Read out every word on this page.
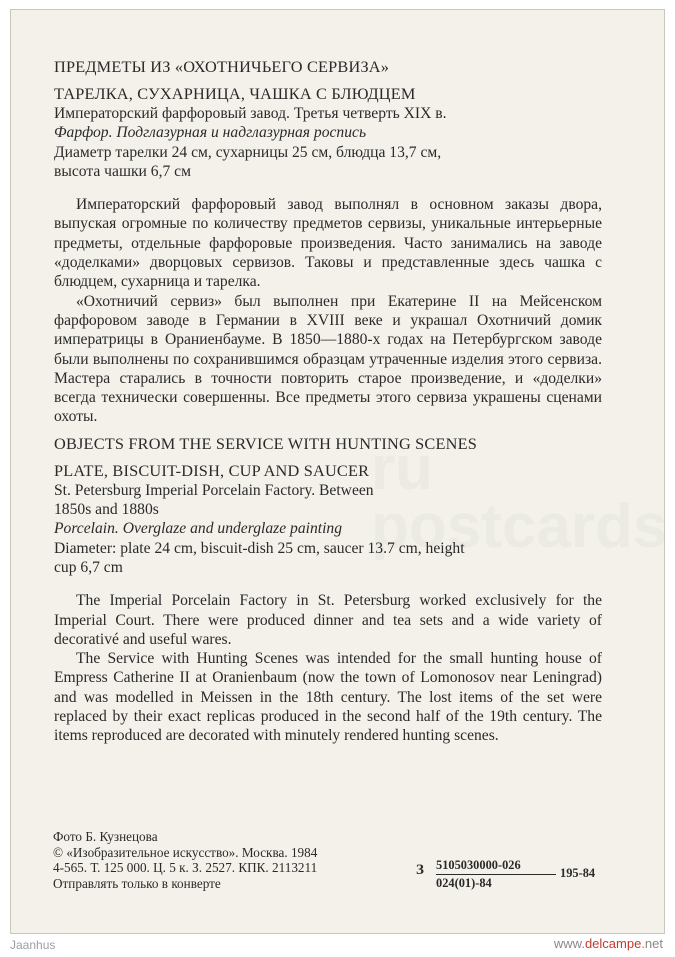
ru
postcards
ПРЕДМЕТЫ ИЗ «ОХОТНИЧЬЕГО СЕРВИЗА»
ТАРЕЛКА, СУХАРНИЦА, ЧАШКА С БЛЮДЦЕМ
Императорский фарфоровый завод. Третья четверть XIX в.
Фарфор. Подглазурная и надглазурная роспись
Диаметр тарелки 24 см, сухарницы 25 см, блюдца 13,7 см,
высота чашки 6,7 см
Императорский фарфоровый завод выполнял в основном заказы двора, выпуская огромные по количеству предметов сервизы, уникальные интерьерные предметы, отдельные фарфоровые произведения. Часто занимались на заводе «доделками» дворцовых сервизов. Таковы и представленные здесь чашка с блюдцем, сухарница и тарелка.
«Охотничий сервиз» был выполнен при Екатерине II на Мейсенском фарфоровом заводе в Германии в XVIII веке и украшал Охотничий домик императрицы в Ораниенбауме. В 1850—1880-х годах на Петербургском заводе были выполнены по сохранившимся образцам утраченные изделия этого сервиза. Мастера старались в точности повторить старое произведение, и «доделки» всегда технически совершенны. Все предметы этого сервиза украшены сценами охоты.
OBJECTS FROM THE SERVICE WITH HUNTING SCENES
PLATE, BISCUIT-DISH, CUP AND SAUCER
St. Petersburg Imperial Porcelain Factory. Between
1850s and 1880s
Porcelain. Overglaze and underglaze painting
Diameter: plate 24 cm, biscuit-dish 25 cm, saucer 13.7 cm, height
cup 6,7 cm
The Imperial Porcelain Factory in St. Petersburg worked exclusively for the Imperial Court. There were produced dinner and tea sets and a wide variety of decorativé and useful wares.
The Service with Hunting Scenes was intended for the small hunting house of Empress Catherine II at Oranienbaum (now the town of Lomonosov near Leningrad) and was modelled in Meissen in the 18th century. The lost items of the set were replaced by their exact replicas produced in the second half of the 19th century. The items reproduced are decorated with minutely rendered hunting scenes.
Фото Б. Кузнецова
© «Изобразительное искусство». Москва. 1984
4-565. Т. 125 000. Ц. 5 к. З. 2527. КПК. 2113211
Отправлять только в конверте
З $\frac{5105030000-026}{024(01)-84} 195-84$
Jaanhus	www.delcampe.net
